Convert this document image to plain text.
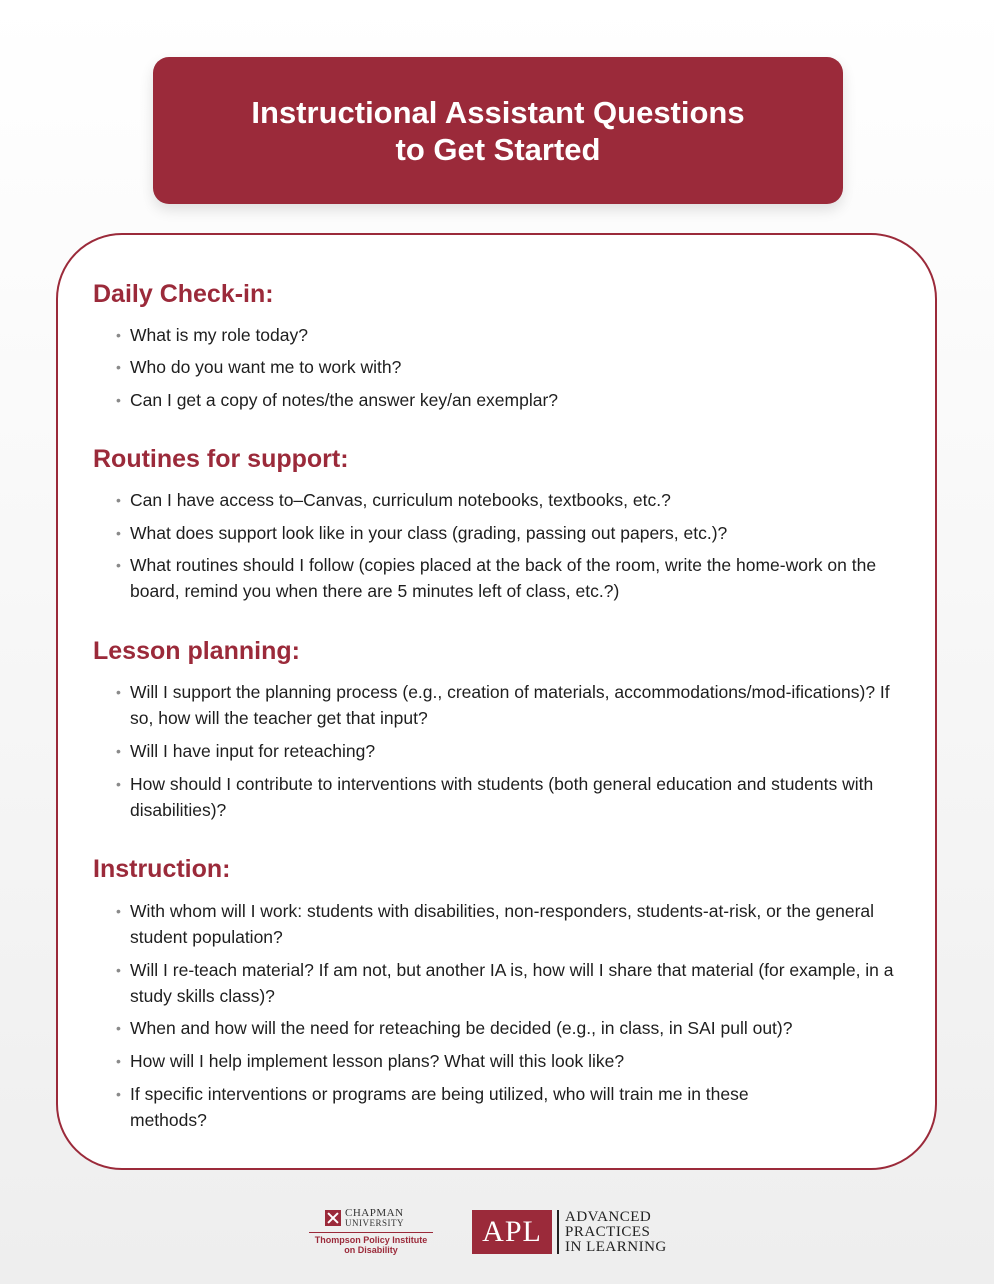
Instructional Assistant Questions
to Get Started
Daily Check-in:
• What is my role today?
• Who do you want me to work with?
• Can I get a copy of notes/the answer key/an exemplar?
Routines for support:
• Can I have access to–Canvas, curriculum notebooks, textbooks, etc.?
• What does support look like in your class (grading, passing out papers, etc.)?
• What routines should I follow (copies placed at the back of the room, write the home-work on the board, remind you when there are 5 minutes left of class, etc.?)
Lesson planning:
• Will I support the planning process (e.g., creation of materials, accommodations/mod-ifications)? If so, how will the teacher get that input?
• Will I have input for reteaching?
• How should I contribute to interventions with students (both general education and students with disabilities)?
Instruction:
• With whom will I work: students with disabilities, non-responders, students-at-risk, or the general student population?
• Will I re-teach material? If am not, but another IA is, how will I share that material (for example, in a study skills class)?
• When and how will the need for reteaching be decided (e.g., in class, in SAI pull out)?
• How will I help implement lesson plans? What will this look like?
• If specific interventions or programs are being utilized, who will train me in these methods?
CHAPMAN
UNIVERSITY
Thompson Policy Institute
on Disability
APL	ADVANCED
PRACTICES
IN LEARNING
